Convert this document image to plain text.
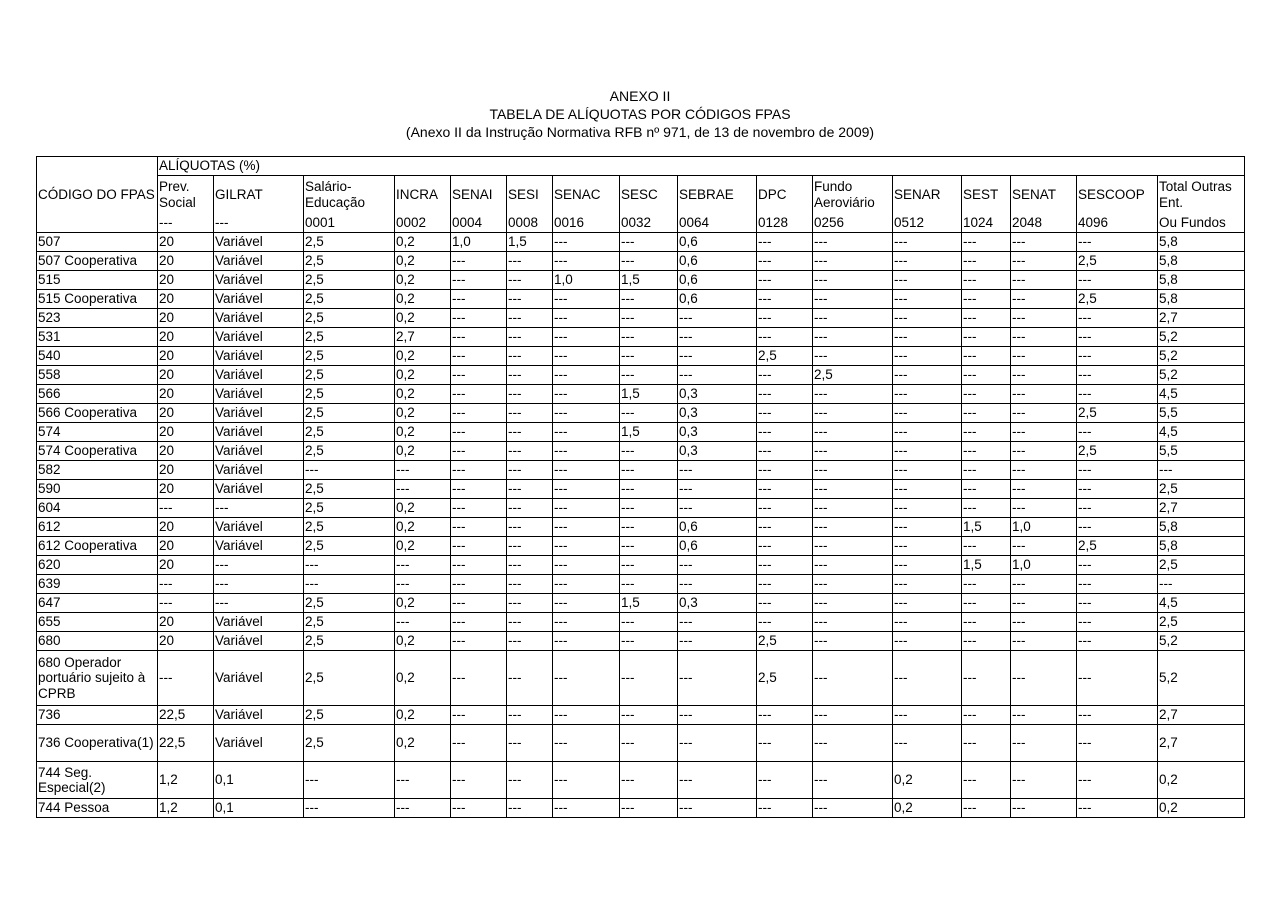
ANEXO II
TABELA DE ALÍQUOTAS POR CÓDIGOS FPAS
(Anexo II da Instrução Normativa RFB nº 971, de 13 de novembro de 2009)
CÓDIGO DO FPAS	ALÍQUOTAS (%)															
	Prev. Social	GILRAT	Salário-Educação	INCRA	SENAI	SESI	SENAC	SESC	SEBRAE	DPC	Fundo Aeroviário	SENAR	SEST	SENAT	SESCOOP	Total Outras Ent.
	---	---	0001	0002	0004	0008	0016	0032	0064	0128	0256	0512	1024	2048	4096	Ou Fundos
507	20	Variável	2,5	0,2	1,0	1,5	---	---	0,6	---	---	---	---	---	---	5,8
507 Cooperativa	20	Variável	2,5	0,2	---	---	---	---	0,6	---	---	---	---	---	2,5	5,8
515	20	Variável	2,5	0,2	---	---	1,0	1,5	0,6	---	---	---	---	---	---	5,8
515 Cooperativa	20	Variável	2,5	0,2	---	---	---	---	0,6	---	---	---	---	---	2,5	5,8
523	20	Variável	2,5	0,2	---	---	---	---	---	---	---	---	---	---	---	2,7
531	20	Variável	2,5	2,7	---	---	---	---	---	---	---	---	---	---	---	5,2
540	20	Variável	2,5	0,2	---	---	---	---	---	2,5	---	---	---	---	---	5,2
558	20	Variável	2,5	0,2	---	---	---	---	---	---	2,5	---	---	---	---	5,2
566	20	Variável	2,5	0,2	---	---	---	1,5	0,3	---	---	---	---	---	---	4,5
566 Cooperativa	20	Variável	2,5	0,2	---	---	---	---	0,3	---	---	---	---	---	2,5	5,5
574	20	Variável	2,5	0,2	---	---	---	1,5	0,3	---	---	---	---	---	---	4,5
574 Cooperativa	20	Variável	2,5	0,2	---	---	---	---	0,3	---	---	---	---	---	2,5	5,5
582	20	Variável	---	---	---	---	---	---	---	---	---	---	---	---	---	---
590	20	Variável	2,5	---	---	---	---	---	---	---	---	---	---	---	---	2,5
604	---	---	2,5	0,2	---	---	---	---	---	---	---	---	---	---	---	2,7
612	20	Variável	2,5	0,2	---	---	---	---	0,6	---	---	---	1,5	1,0	---	5,8
612 Cooperativa	20	Variável	2,5	0,2	---	---	---	---	0,6	---	---	---	---	---	2,5	5,8
620	20	---	---	---	---	---	---	---	---	---	---	---	1,5	1,0	---	2,5
639	---	---	---	---	---	---	---	---	---	---	---	---	---	---	---	---
647	---	---	2,5	0,2	---	---	---	1,5	0,3	---	---	---	---	---	---	4,5
655	20	Variável	2,5	---	---	---	---	---	---	---	---	---	---	---	---	2,5
680	20	Variável	2,5	0,2	---	---	---	---	---	2,5	---	---	---	---	---	5,2
680 Operador portuário sujeito à CPRB	---	Variável	2,5	0,2	---	---	---	---	---	2,5	---	---	---	---	---	5,2
736	22,5	Variável	2,5	0,2	---	---	---	---	---	---	---	---	---	---	---	2,7
736 Cooperativa(1)	22,5	Variável	2,5	0,2	---	---	---	---	---	---	---	---	---	---	---	2,7
744 Seg. Especial(2)	1,2	0,1	---	---	---	---	---	---	---	---	---	0,2	---	---	---	0,2
744 Pessoa	1,2	0,1	---	---	---	---	---	---	---	---	---	0,2	---	---	---	0,2
